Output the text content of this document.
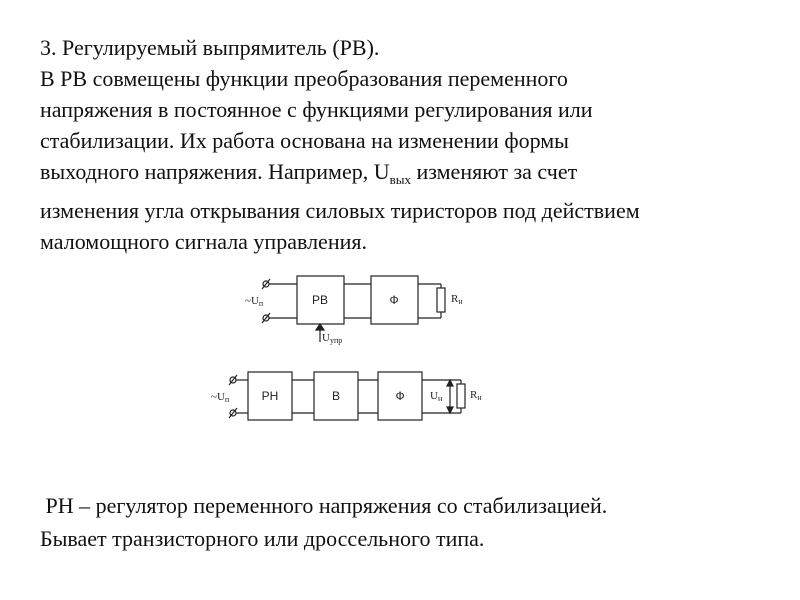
3. Регулируемый выпрямитель (РВ).
В РВ совмещены функции преобразования переменного
напряжения в постоянное с функциями регулирования или
стабилизации. Их работа основана на изменении формы
выходного напряжения. Например, $U_{вых}$ изменяют за счет
изменения угла открывания силовых тиристоров под действием
маломощного сигнала управления.
~Uп	РВ	Ф	Rн
Uупр
~Uп	РН	В	Ф Uн	Rн
РН – регулятор переменного напряжения со стабилизацией.
Бывает транзисторного или дроссельного типа.
